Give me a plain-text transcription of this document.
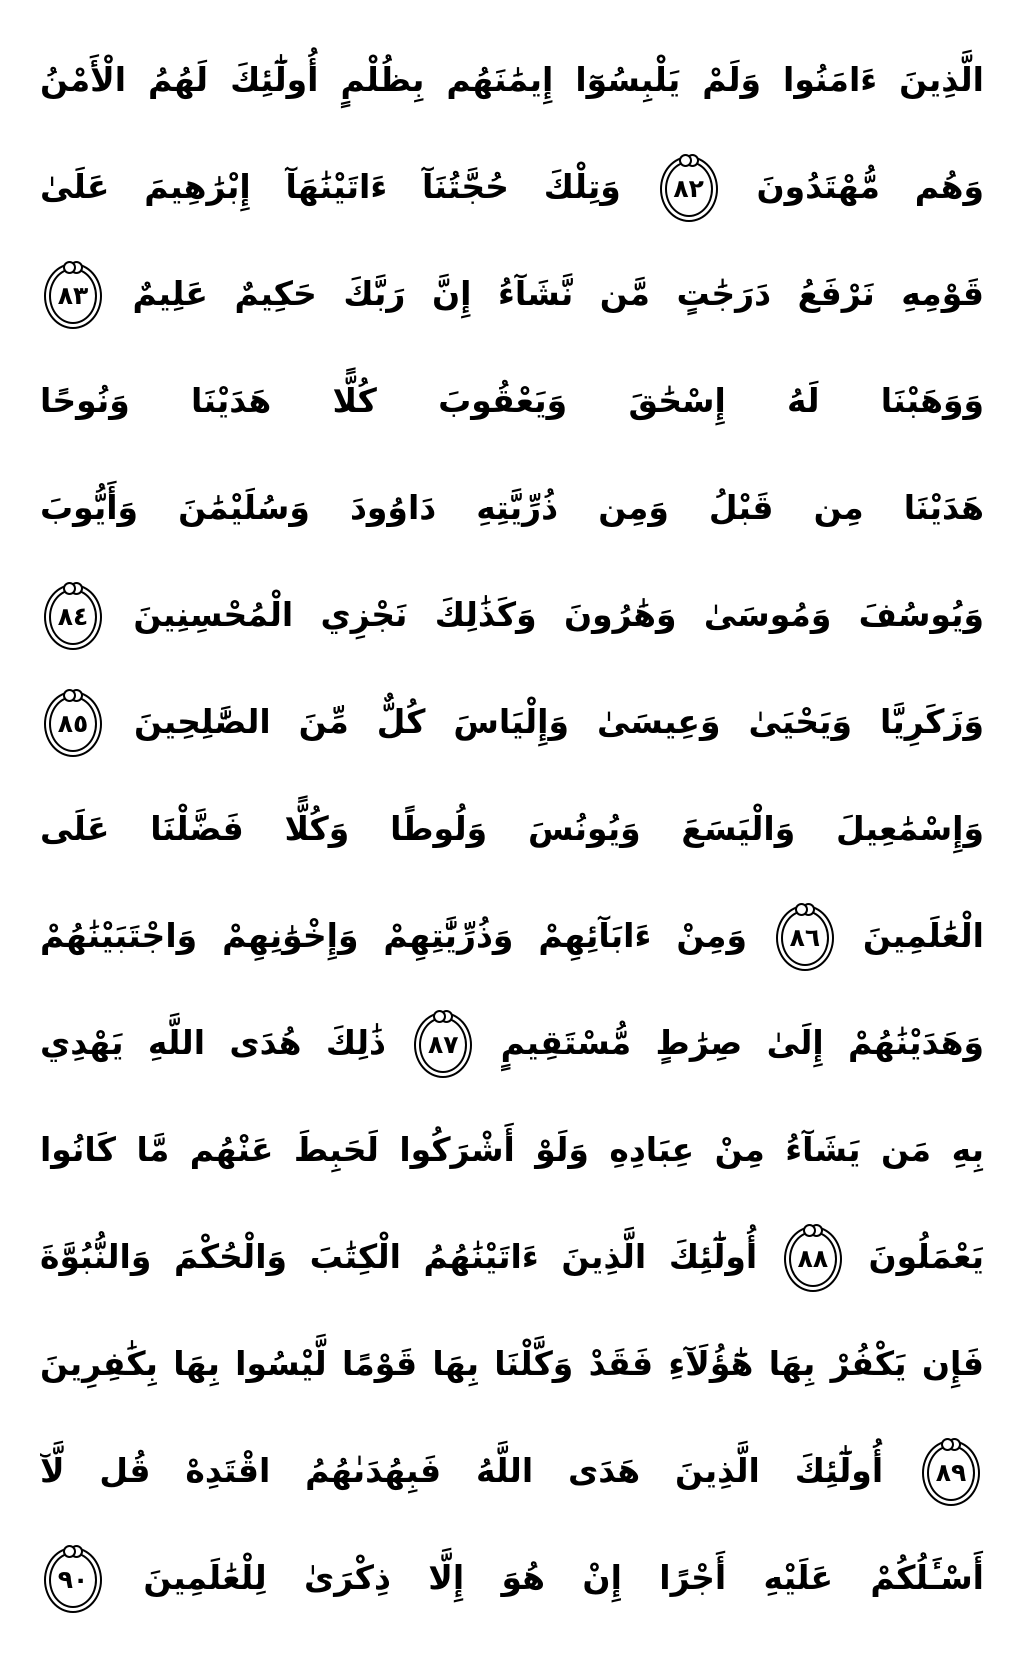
الَّذِينَ ءَامَنُوا وَلَمْ يَلْبِسُوٓا إِيمَٰنَهُم بِظُلْمٍ أُولَٰٓئِكَ لَهُمُ الْأَمْنُ
وَهُم مُّهْتَدُونَ
٨٢
وَتِلْكَ حُجَّتُنَآ ءَاتَيْنَٰهَآ إِبْرَٰهِيمَ عَلَىٰ
قَوْمِهِ نَرْفَعُ دَرَجَٰتٍ مَّن نَّشَآءُ إِنَّ رَبَّكَ حَكِيمٌ عَلِيمٌ
٨٣
وَوَهَبْنَا لَهُ إِسْحَٰقَ وَيَعْقُوبَ كُلًّا هَدَيْنَا وَنُوحًا
هَدَيْنَا مِن قَبْلُ وَمِن ذُرِّيَّتِهِ دَاوُودَ وَسُلَيْمَٰنَ وَأَيُّوبَ
وَيُوسُفَ وَمُوسَىٰ وَهَٰرُونَ وَكَذَٰلِكَ نَجْزِي الْمُحْسِنِينَ
٨٤
وَزَكَرِيَّا وَيَحْيَىٰ وَعِيسَىٰ وَإِلْيَاسَ كُلٌّ مِّنَ الصَّٰلِحِينَ
٨٥
وَإِسْمَٰعِيلَ وَالْيَسَعَ وَيُونُسَ وَلُوطًا وَكُلًّا فَضَّلْنَا عَلَى
الْعَٰلَمِينَ
٨٦
وَمِنْ ءَابَآئِهِمْ وَذُرِّيَّٰتِهِمْ وَإِخْوَٰنِهِمْ وَاجْتَبَيْنَٰهُمْ
وَهَدَيْنَٰهُمْ إِلَىٰ صِرَٰطٍ مُّسْتَقِيمٍ
٨٧
ذَٰلِكَ هُدَى اللَّهِ يَهْدِي
بِهِ مَن يَشَآءُ مِنْ عِبَادِهِ وَلَوْ أَشْرَكُوا لَحَبِطَ عَنْهُم مَّا كَانُوا
يَعْمَلُونَ
٨٨
أُولَٰٓئِكَ الَّذِينَ ءَاتَيْنَٰهُمُ الْكِتَٰبَ وَالْحُكْمَ وَالنُّبُوَّةَ
فَإِن يَكْفُرْ بِهَا هَٰٓؤُلَآءِ فَقَدْ وَكَّلْنَا بِهَا قَوْمًا لَّيْسُوا بِهَا بِكَٰفِرِينَ
٨٩
أُولَٰٓئِكَ الَّذِينَ هَدَى اللَّهُ فَبِهُدَىٰهُمُ اقْتَدِهْ قُل لَّآ
أَسْـَٔلُكُمْ عَلَيْهِ أَجْرًا إِنْ هُوَ إِلَّا ذِكْرَىٰ لِلْعَٰلَمِينَ
٩٠
